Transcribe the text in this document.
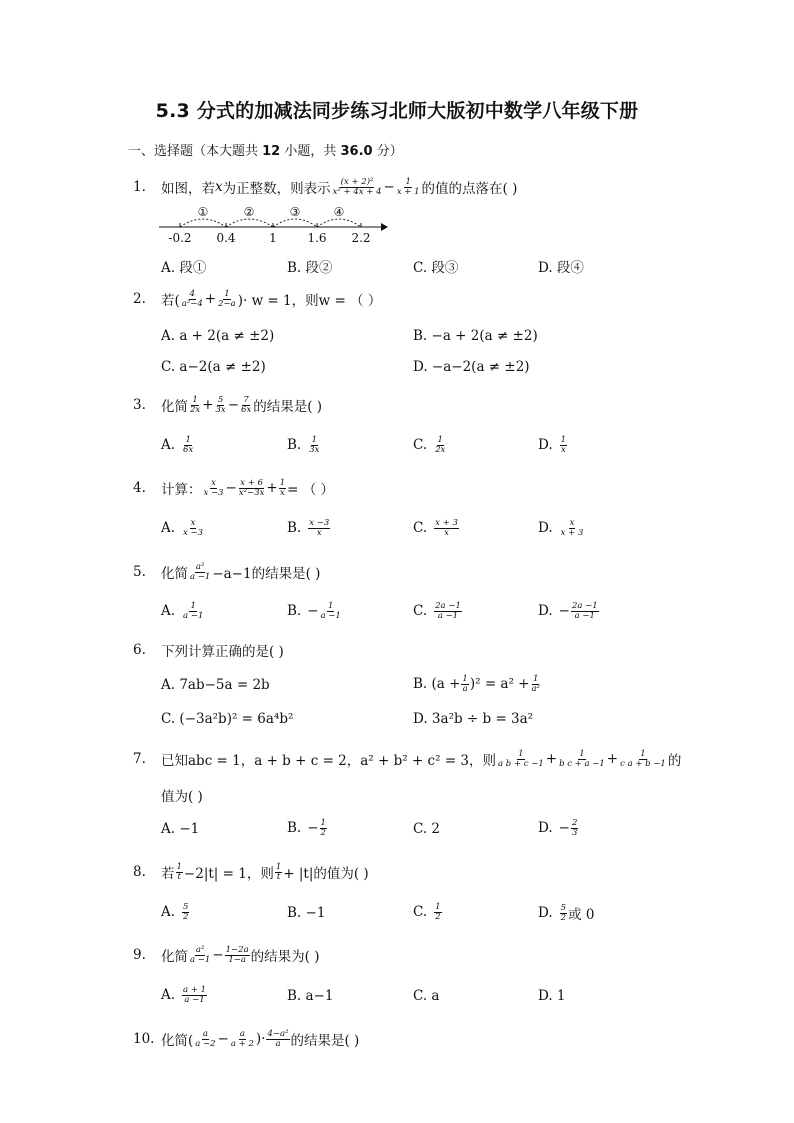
5.3 分式的加减法同步练习北师大版初中数学八年级下册
一、选择题（本大题共 12 小题，共 36.0 分）
1.	如图，若 x 为正整数，则表示 $\frac{\text{(x + 2)²}}{\text{x² + 4x + 4}} - \frac{1}{x + 1}$ 的值的点落在( )
①	②	③	④
-0.2 0.4	1	1.6 2.2
A. 段①	B. 段②	C. 段③	D. 段④
2.	若( $\frac{4}{\text{a²−4}} + \frac{1}{2-a}$ )· w = 1，则w = （ ）
A. a + 2(a ≠ ±2)	B. −a + 2(a ≠ ±2)
C. a−2(a ≠ ±2)	D. −a−2(a ≠ ±2)
3.	化简 $\frac{1}{2x} + \frac{5}{3x} - \frac{7}{6x}$ 的结果是( )
A. $\frac{1}{6x}$	B. $\frac{1}{3x}$	C. $\frac{1}{2x}$	D. $\frac{1}{x}$
4.	计算： $\frac{x}{x -3} - \frac{x + 6}{\text{x²−3x}} + \frac{1}{x}$ = （ ）
A. $\frac{x}{x -3}$	B. $\frac{x -3}{x}$	C. $\frac{x + 3}{x}$	D. $\frac{x}{x + 3}$
5.	化简 $\frac{\text{a²}}{a -1} -a-1$的结果是( )
A. $\frac{1}{a -1}$	B. − $\frac{1}{a -1}$	C. $\frac{2a -1}{a -1}$	D. − $\frac{2a -1}{a -1}$
6.	下列计算正确的是( )
A. 7ab−5a = 2b	B. $(a + \frac{1}{a} )^2 = a^2 + \frac{1}{\text{a²}}$
C. (−3a²b)² = 6a⁴b²	D. 3a²b ÷ b = 3a²
7.	已知abc = 1，a + b + c = 2，a² + b² + c² = 3，则 $\frac{1}{\text{a b + c −1}} + \frac{1}{\text{b c + a −1}} + \frac{1}{\text{c a + b −1}}$ 的
值为( )
A. −1	B. − $\frac{1}{2}$	C. 2	D. − $\frac{2}{3}$
8.	若 $\frac{1}{t} -2|t| = 1$，则 $\frac{1}{t} + |t|$的值为( )
A. $\frac{5}{2}$	B. −1	C. $\frac{1}{2}$	D. $\frac{5}{2}$ 或 0
9.	化简 $\frac{\text{a²}}{a -1} - \frac{1-2a}{1-a}$ 的结果为( )
A. $\frac{a + 1}{a -1}$	B. a−1	C. a	D. 1
10. 化简( $\frac{a}{a -2} - \frac{a}{a + 2}$ )· $\frac{\text{4−a²}}{a}$ 的结果是( )
